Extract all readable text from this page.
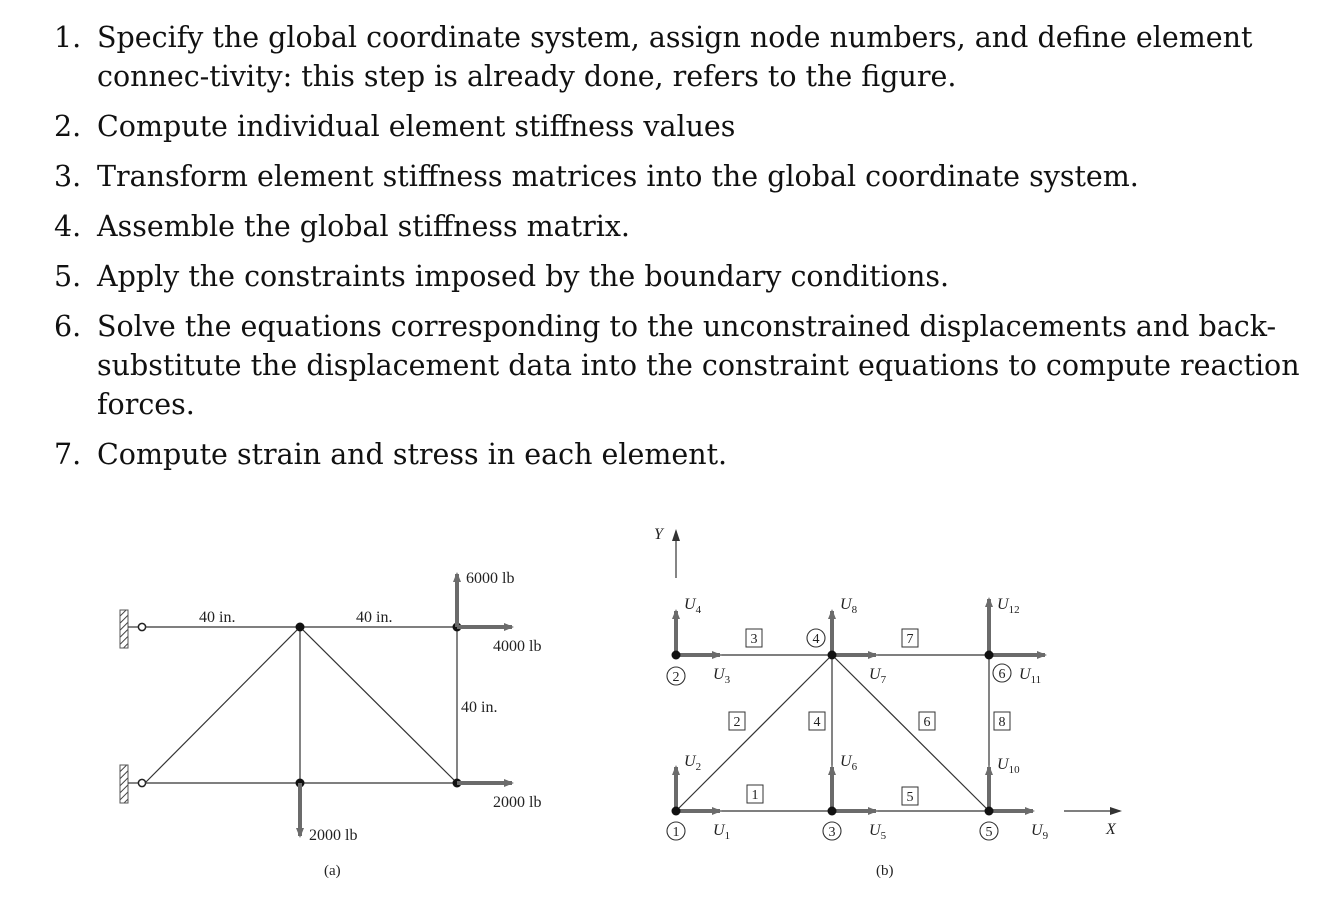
1. Specify the global coordinate system, assign node numbers, and define element connec-tivity: this step is already done, refers to the figure.
2. Compute individual element stiffness values
3. Transform element stiffness matrices into the global coordinate system.
4. Assemble the global stiffness matrix.
5. Apply the constraints imposed by the boundary conditions.
6. Solve the equations corresponding to the unconstrained displacements and back-substitute the displacement data into the constraint equations to compute reaction forces.
7. Compute strain and stress in each element.
40 in.	40 in.
40 in.
6000 lb
4000 lb
2000 lb
2000 lb
(a)
Y
X
1
2
3
4
5
6
1
2
3
4
5
6
7
8
$U_1$
$U_2$
$U_3$
$U_4$
$U_5$
$U_6$
$U_7$
$U_8$
$U_9$
$U_{10}$
$U_{11}$
$U_{12}$
(b)
